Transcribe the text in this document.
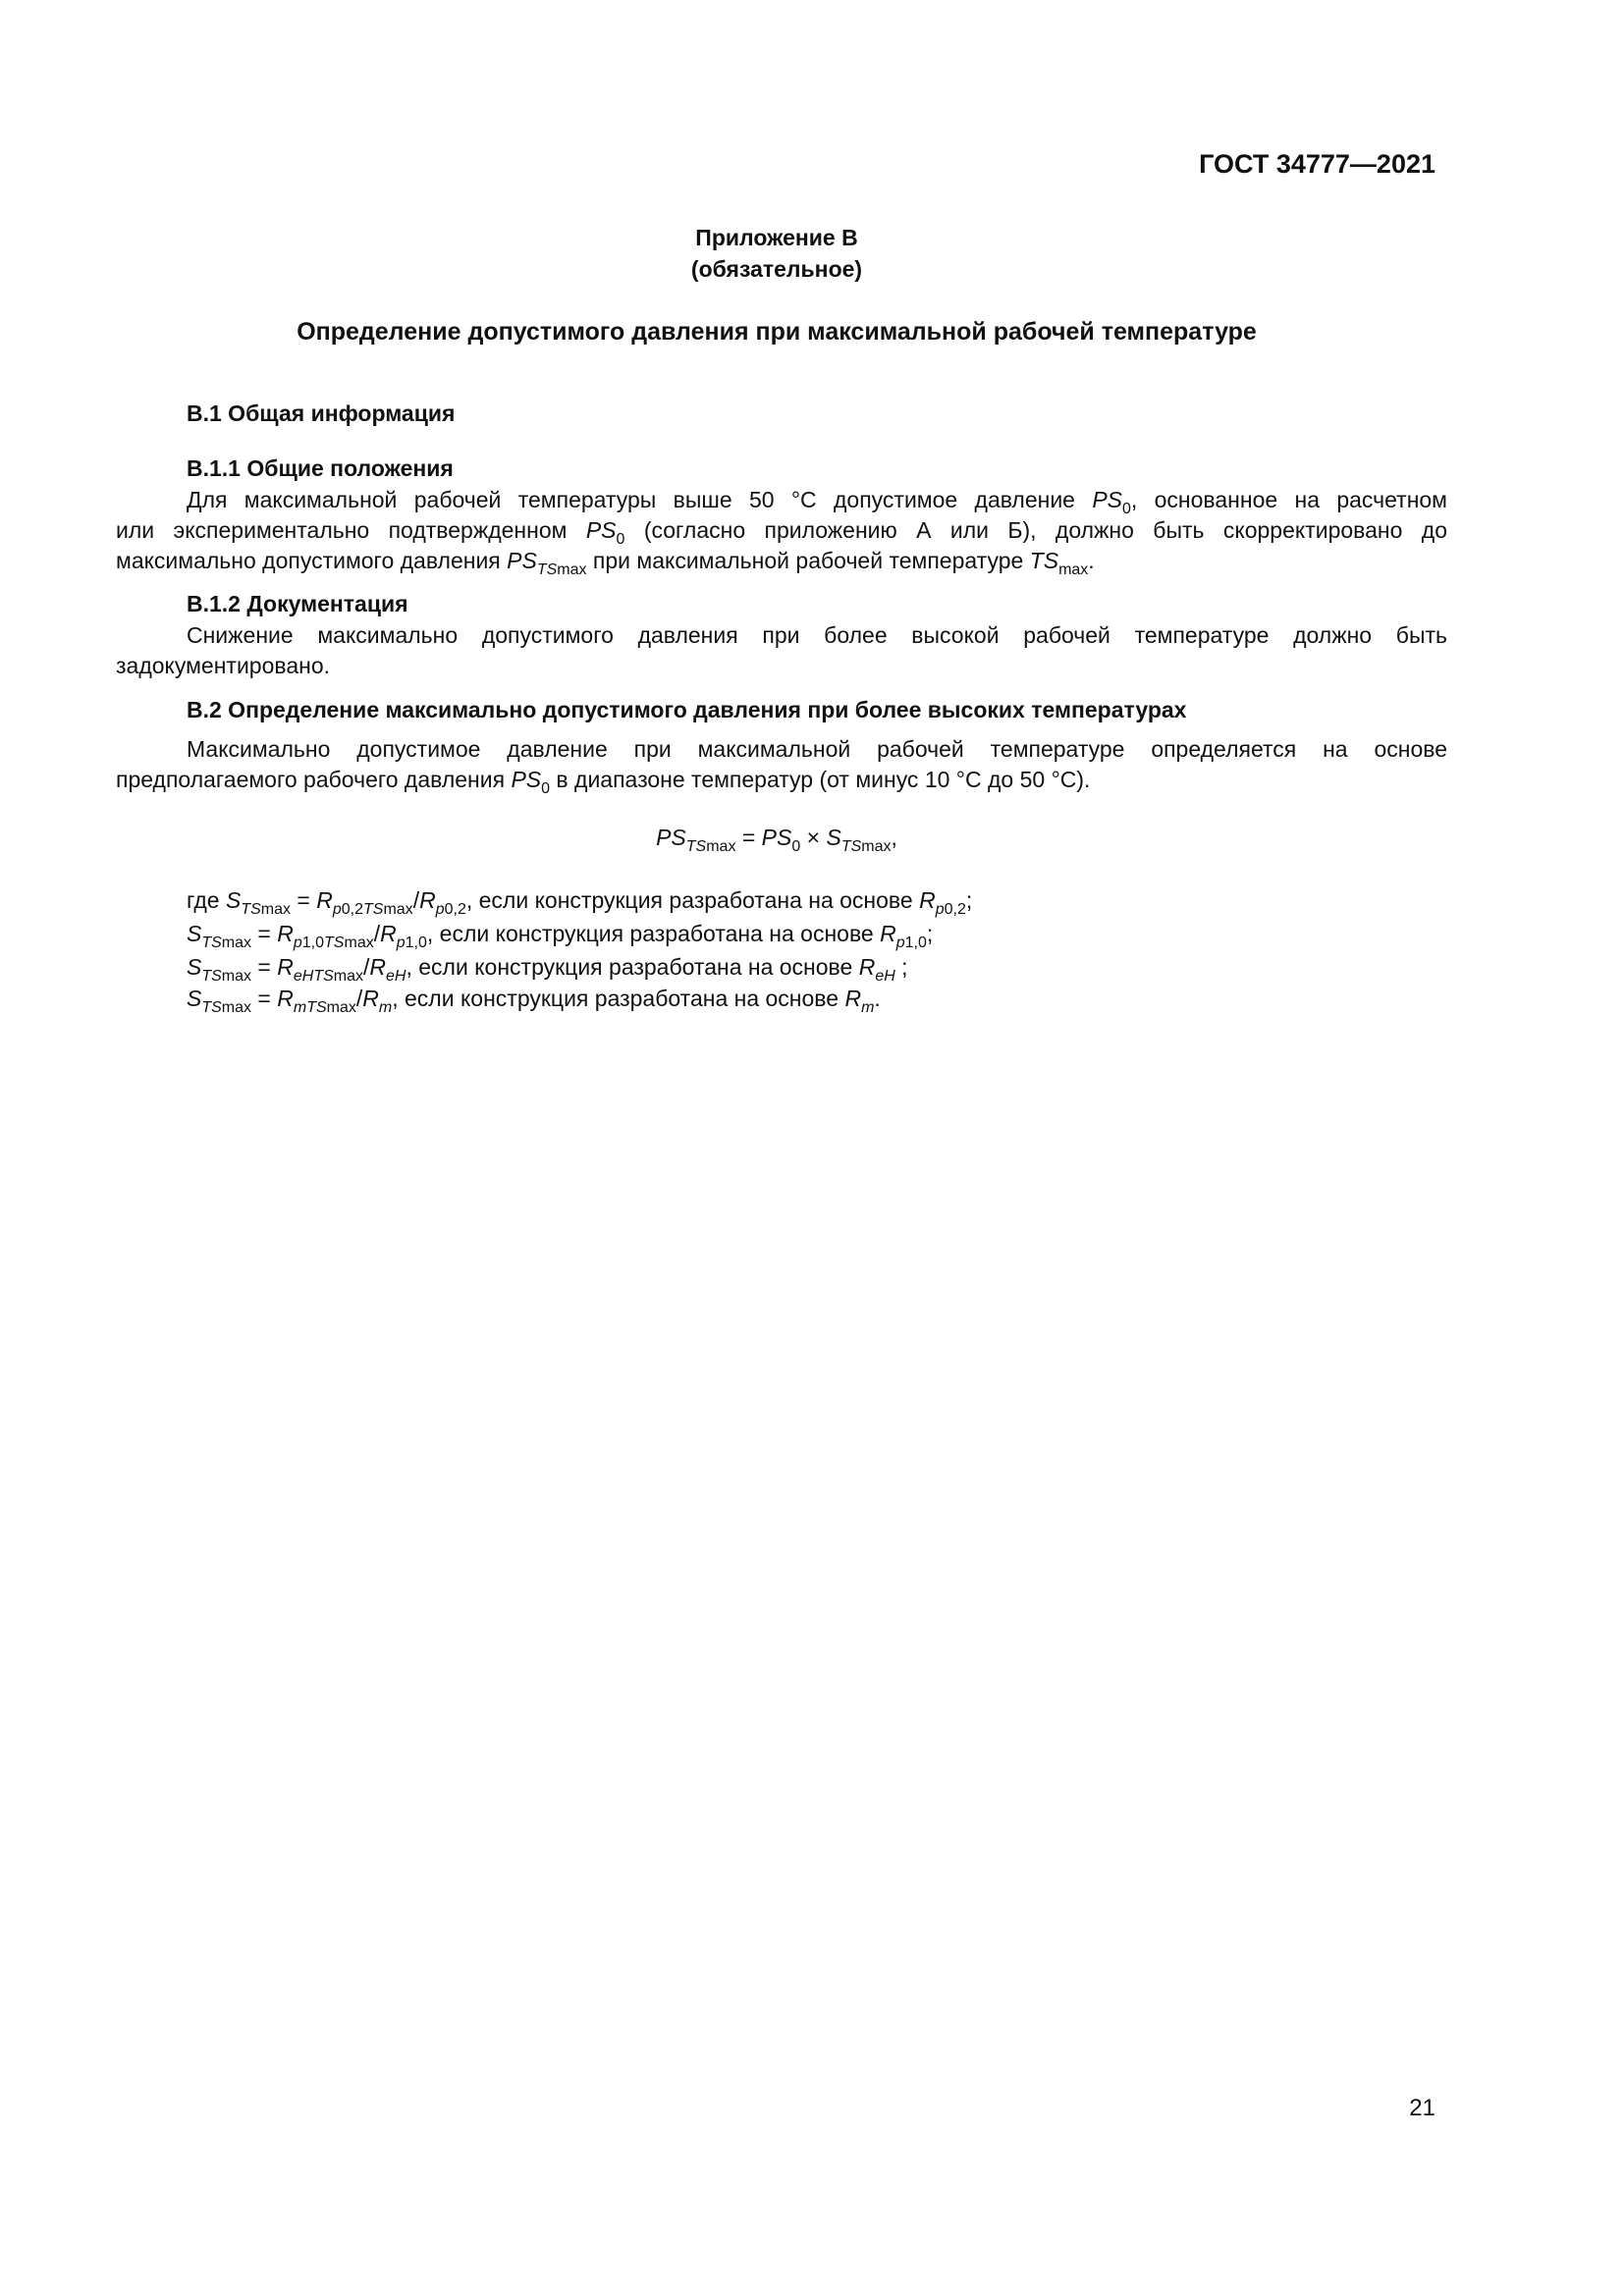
ГОСТ 34777—2021
Приложение В
(обязательное)
Определение допустимого давления при максимальной рабочей температуре
В.1 Общая информация
В.1.1 Общие положения
Для максимальной рабочей температуры выше 50 °С допустимое давление $PS_0$, основанное на расчетном
или экспериментально подтвержденном $PS_0$ (согласно приложению А или Б), должно быть скорректировано до
максимально допустимого давления $PS_{TSmax}$ при максимальной рабочей температуре $TS_{max}$.
В.1.2 Документация
Снижение максимально допустимого давления при более высокой рабочей температуре должно быть
задокументировано.
В.2 Определение максимально допустимого давления при более высоких температурах
Максимально допустимое давление при максимальной рабочей температуре определяется на основе
предполагаемого рабочего давления $PS_0$ в диапазоне температур (от минус 10 °С до 50 °С).
$PS_{TSmax} = PS_0 \times S_{TSmax}$,
где $S_{TSmax} = R_{p0,2TSmax}/R_{p0,2}$, если конструкция разработана на основе $R_{p0,2}$;
$S_{TSmax} = R_{p1,0TSmax}/R_{p1,0}$, если конструкция разработана на основе $R_{p1,0}$;
$S_{TSmax} = R_{eHTSmax}/R_{eH}$, если конструкция разработана на основе $R_{eH}$ ;
$S_{TSmax} = R_{mTSmax}/R_m$, если конструкция разработана на основе $R_m$.
21
